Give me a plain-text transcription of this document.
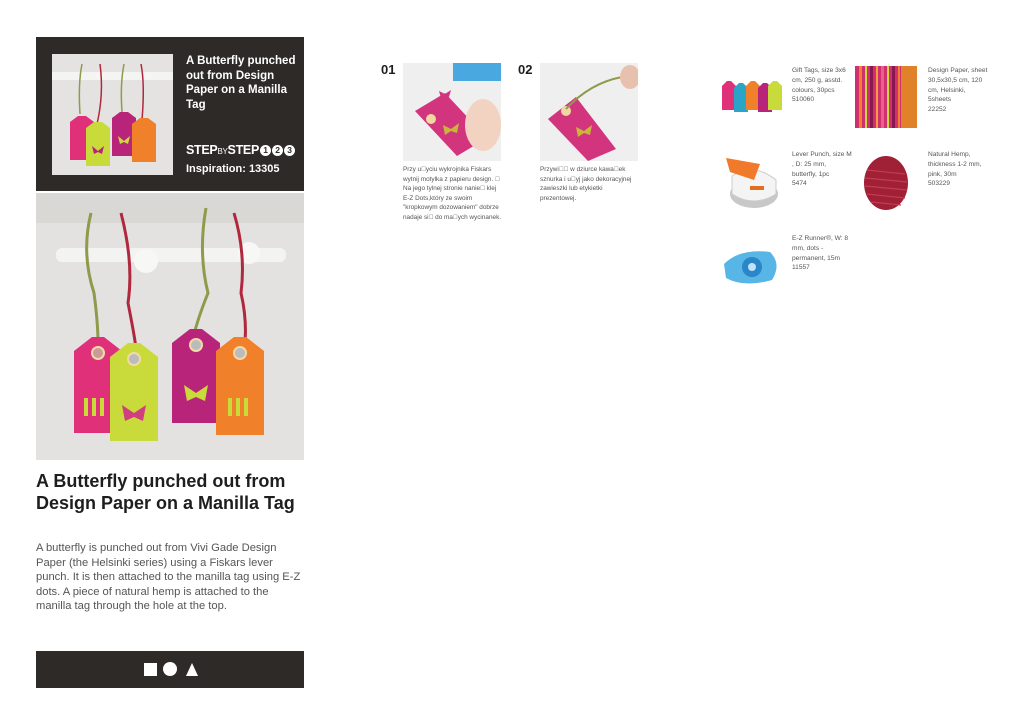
A Butterfly punched out from Design Paper on a Manilla Tag
STEPBYSTEP 1 2 3
Inspiration: 13305
A Butterfly punched out from Design Paper on a Manilla Tag
A butterfly is punched out from Vivi Gade Design Paper (the Helsinki series) using a Fiskars lever punch. It is then attached to the manilla tag using E-Z dots. A piece of natural hemp is attached to the manilla tag through the hole at the top.
01
Przy u yciu wykrojnika Fiskars wytnij motylka z papieru design.   Na jego tylnej stronie nanie  klej E-Z Dots,który ze swoim "kropkowym dozowaniem" dobrze nadaje si  do ma ych wycinanek.
02
Przywi   w dziurce kawa ek sznurka i u yj jako dekoracyjnej zawieszki lub etykietki prezentowej.
Gift Tags, size 3x6 cm, 250 g, asstd. colours, 30pcs
510060
Design Paper, sheet 30,5x30,5 cm, 120 cm, Helsinki, 5sheets
22252
Lever Punch, size M , D: 25 mm, butterfly, 1pc
5474
Natural Hemp, thickness 1-2 mm, pink, 30m
503229
E-Z Runner®, W: 8 mm, dots - permanent, 15m
11557
